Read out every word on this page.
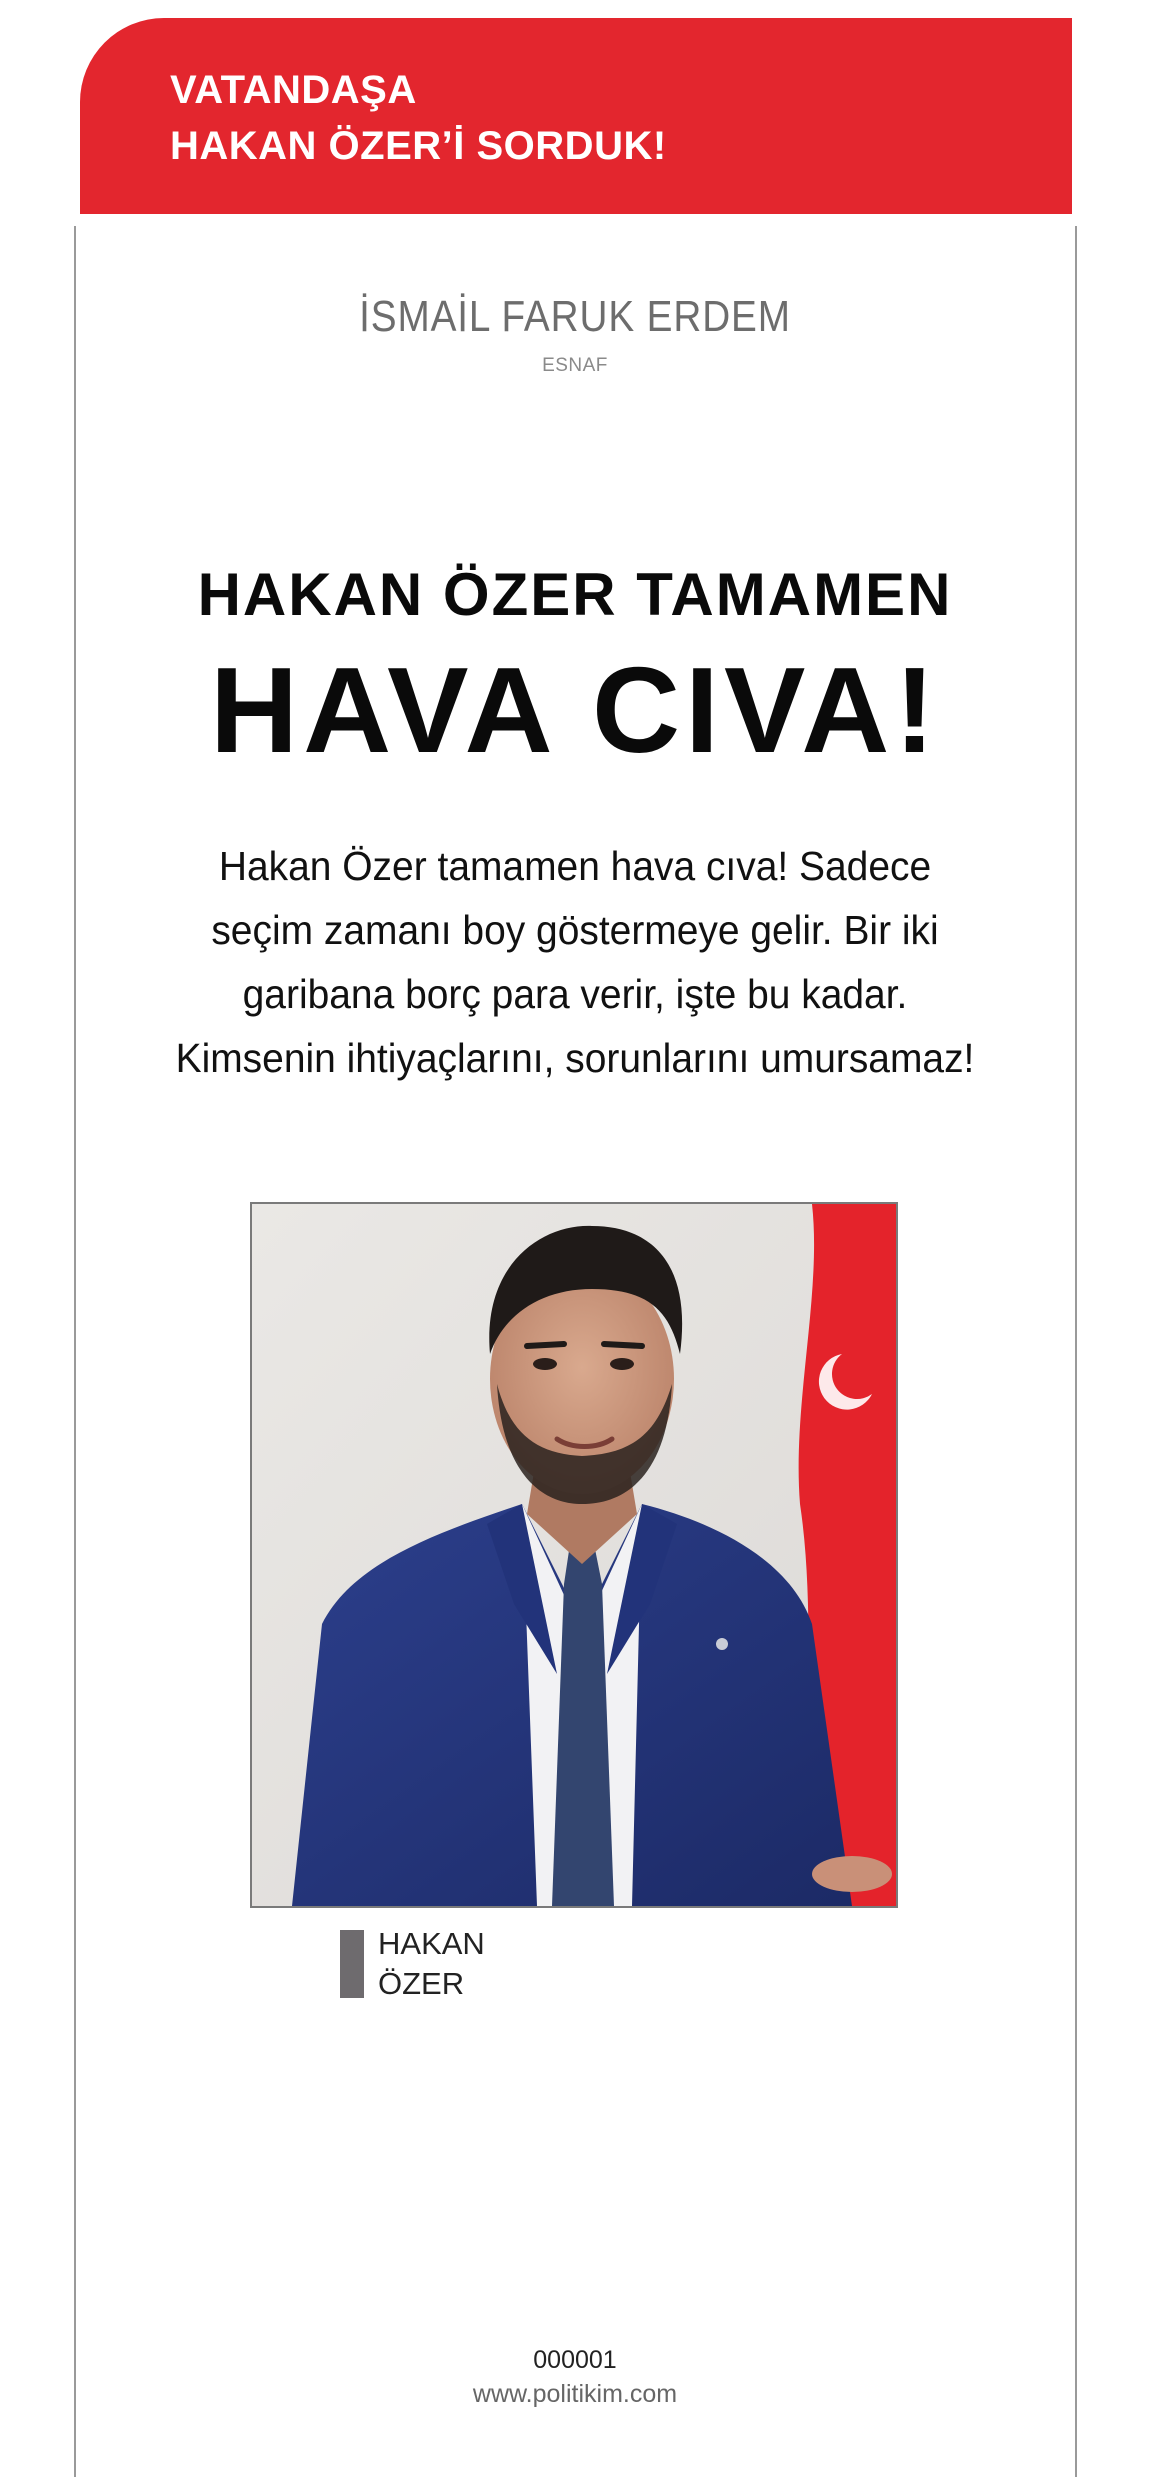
VATANDAŞA
HAKAN ÖZER’İ SORDUK!
İSMAİL FARUK ERDEM
ESNAF
HAKAN ÖZER TAMAMEN
HAVA CIVA!
Hakan Özer tamamen hava cıva! Sadece
seçim zamanı boy göstermeye gelir. Bir iki
garibana borç para verir, işte bu kadar.
Kimsenin ihtiyaçlarını, sorunlarını umursamaz!
HAKAN
ÖZER
000001
www.politikim.com
